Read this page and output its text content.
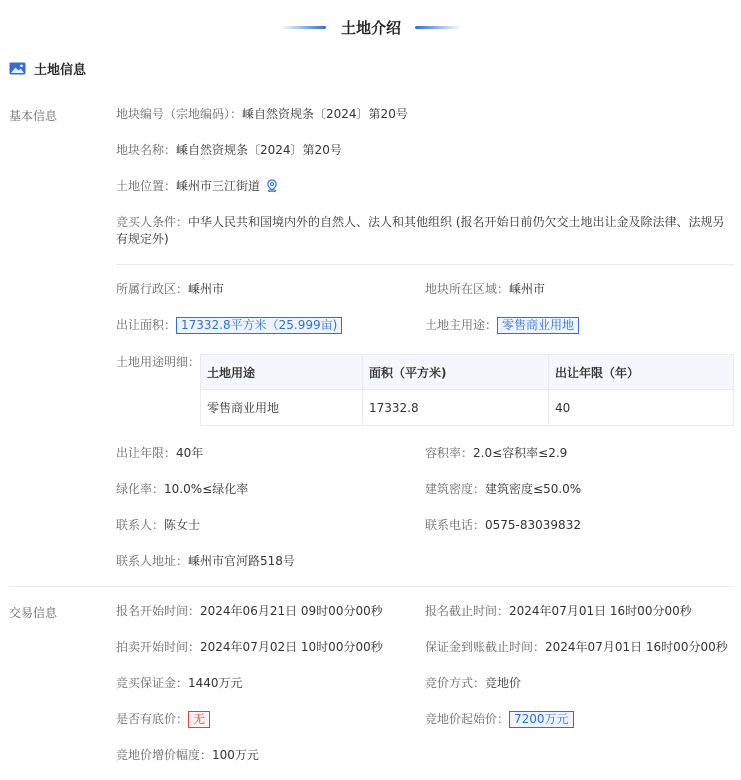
土地介绍
土地信息
基本信息	地块编号（宗地编码）：嵊自然资规条〔2024〕第20号
地块名称：嵊自然资规条〔2024〕第20号
土地位置：嵊州市三江街道
竞买人条件：中华人民共和国境内外的自然人、法人和其他组织 (报名开始日前仍欠交土地出让金及除法律、法规另有规定外)
所属行政区：嵊州市	地块所在区域：嵊州市
出让面积： 17332.8平方米（25.999亩)	土地主用途： 零售商业用地
土地用途明细：
土地用途	面积（平方米)	出让年限（年）
零售商业用地	17332.8	40
出让年限：40年	容积率：2.0≤容积率≤2.9
绿化率：10.0%≤绿化率	建筑密度：建筑密度≤50.0%
联系人：陈女士	联系电话：0575-83039832
联系人地址：嵊州市官河路518号
交易信息	报名开始时间：2024年06月21日 09时00分00秒	报名截止时间：2024年07月01日 16时00分00秒
拍卖开始时间：2024年07月02日 10时00分00秒	保证金到账截止时间：2024年07月01日 16时00分00秒
竞买保证金：1440万元	竞价方式：竞地价
是否有底价： 无	竞地价起始价： 7200万元
竞地价增价幅度：100万元
